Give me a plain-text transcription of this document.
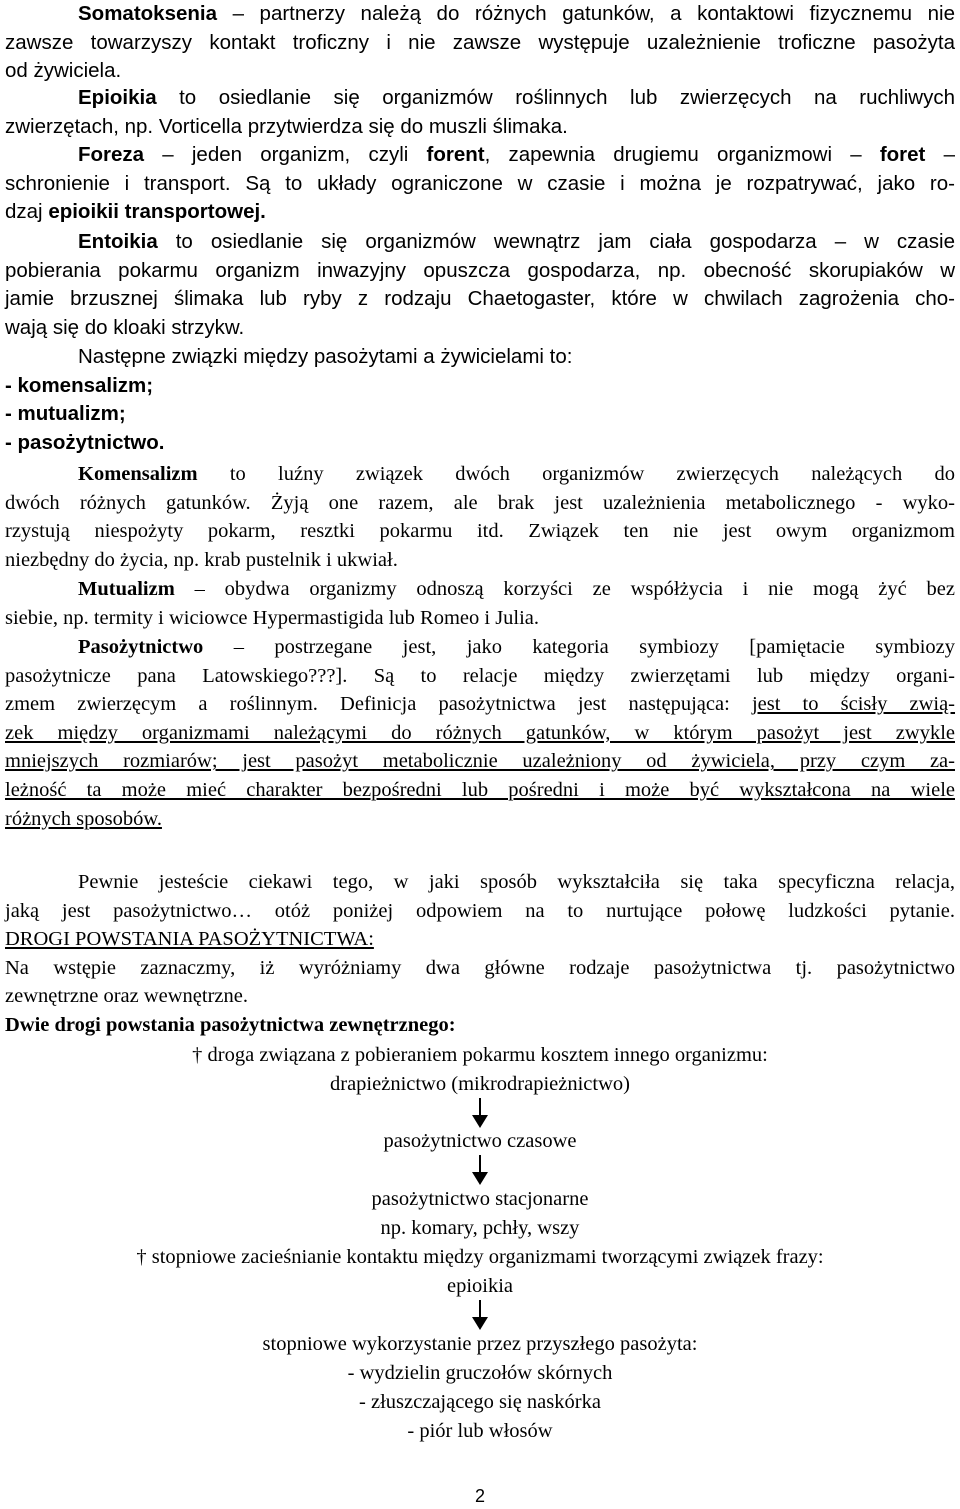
Somatoksenia – partnerzy należą do różnych gatunków, a kontaktowi fizycznemu nie
zawsze towarzyszy kontakt troficzny i nie zawsze występuje uzależnienie troficzne pasożyta
od żywiciela.
Epioikia to osiedlanie się organizmów roślinnych lub zwierzęcych na ruchliwych
zwierzętach, np. Vorticella przytwierdza się do muszli ślimaka.
Foreza – jeden organizm, czyli forent, zapewnia drugiemu organizmowi – foret –
schronienie i transport. Są to układy ograniczone w czasie i można je rozpatrywać, jako ro-
dzaj epioikii transportowej.
Entoikia to osiedlanie się organizmów wewnątrz jam ciała gospodarza – w czasie
pobierania pokarmu organizm inwazyjny opuszcza gospodarza, np. obecność skorupiaków w
jamie brzusznej ślimaka lub ryby z rodzaju Chaetogaster, które w chwilach zagrożenia cho-
wają się do kloaki strzykw.
Następne związki między pasożytami a żywicielami to:
- komensalizm;
- mutualizm;
- pasożytnictwo.
Komensalizm to luźny związek dwóch organizmów zwierzęcych należących do
dwóch różnych gatunków. Żyją one razem, ale brak jest uzależnienia metabolicznego - wyko-
rzystują niespożyty pokarm, resztki pokarmu itd. Związek ten nie jest owym organizmom
niezbędny do życia, np. krab pustelnik i ukwiał.
Mutualizm – obydwa organizmy odnoszą korzyści ze współżycia i nie mogą żyć bez
siebie, np. termity i wiciowce Hypermastigida lub Romeo i Julia.
Pasożytnictwo – postrzegane jest, jako kategoria symbiozy [pamiętacie symbiozy
pasożytnicze pana Latowskiego???]. Są to relacje między zwierzętami lub między organi-
zmem zwierzęcym a roślinnym. Definicja pasożytnictwa jest następująca: jest to ścisły zwią-
zek między organizmami należącymi do różnych gatunków, w którym pasożyt jest zwykle
mniejszych rozmiarów; jest pasożyt metabolicznie uzależniony od żywiciela, przy czym za-
leżność ta może mieć charakter bezpośredni lub pośredni i może być wykształcona na wiele
różnych sposobów.
Pewnie jesteście ciekawi tego, w jaki sposób wykształciła się taka specyficzna relacja,
jaką jest pasożytnictwo… otóż poniżej odpowiem na to nurtujące połowę ludzkości pytanie.
DROGI POWSTANIA PASOŻYTNICTWA:
Na wstępie zaznaczmy, iż wyróżniamy dwa główne rodzaje pasożytnictwa tj. pasożytnictwo
zewnętrzne oraz wewnętrzne.
Dwie drogi powstania pasożytnictwa zewnętrznego:
† droga związana z pobieraniem pokarmu kosztem innego organizmu:
drapieżnictwo (mikrodrapieżnictwo)
pasożytnictwo czasowe
pasożytnictwo stacjonarne
np. komary, pchły, wszy
† stopniowe zacieśnianie kontaktu między organizmami tworzącymi związek frazy:
epioikia
stopniowe wykorzystanie przez przyszłego pasożyta:
- wydzielin gruczołów skórnych
- złuszczającego się naskórka
- piór lub włosów
2
